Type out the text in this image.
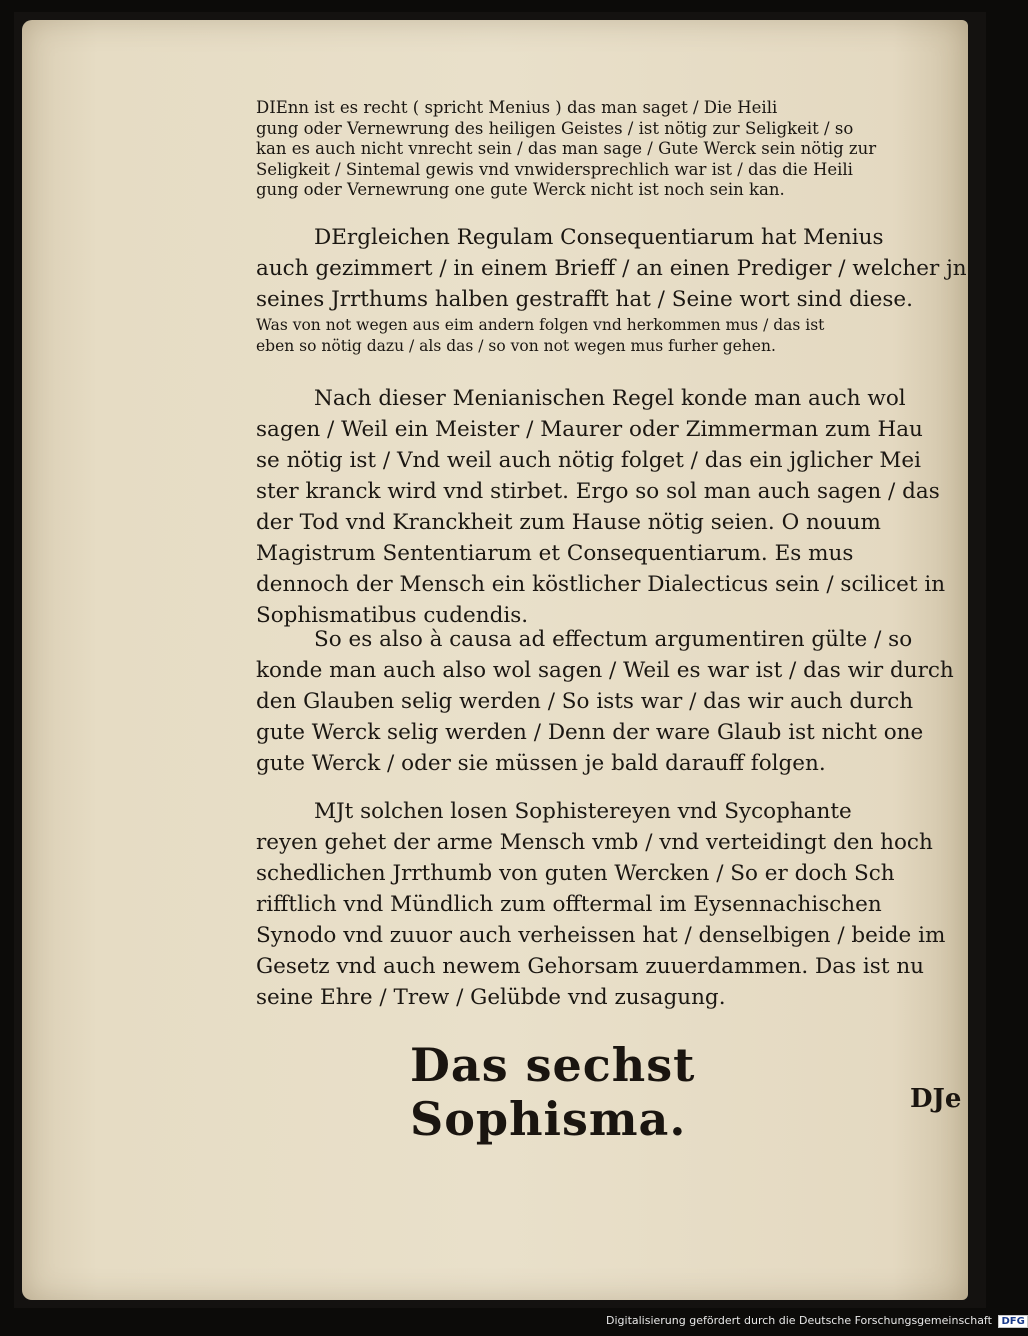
DIEnn ist es recht ( spricht Menius ) das man saget / Die Heili

gung oder Vernewrung des heiligen Geistes / ist nötig zur Seligkeit / so

kan es auch nicht vnrecht sein / das man sage / Gute Werck sein nötig zur

Seligkeit / Sintemal gewis vnd vnwidersprechlich war ist / das die Heili

gung oder Vernewrung one gute Werck nicht ist noch sein kan.

DErgleichen Regulam Consequentiarum hat Menius

auch gezimmert / in einem Brieff / an einen Prediger / welcher jn

seines Jrrthums halben gestrafft hat / Seine wort sind diese.

Was von not wegen aus eim andern folgen vnd herkommen mus / das ist

eben so nötig dazu / als das / so von not wegen mus furher gehen.

Nach dieser Menianischen Regel konde man auch wol

sagen / Weil ein Meister / Maurer oder Zimmerman zum Hau

se nötig ist / Vnd weil auch nötig folget / das ein jglicher Mei

ster kranck wird vnd stirbet. Ergo so sol man auch sagen / das

der Tod vnd Kranckheit zum Hause nötig seien. O nouum

Magistrum Sententiarum et Consequentiarum. Es mus

dennoch der Mensch ein köstlicher Dialecticus sein / scilicet in

Sophismatibus cudendis.

So es also à causa ad effectum argumentiren gülte / so

konde man auch also wol sagen / Weil es war ist / das wir durch

den Glauben selig werden / So ists war / das wir auch durch

gute Werck selig werden / Denn der ware Glaub ist nicht one

gute Werck / oder sie müssen je bald darauff folgen.

MJt solchen losen Sophistereyen vnd Sycophante

reyen gehet der arme Mensch vmb / vnd verteidingt den hoch

schedlichen Jrrthumb von guten Wercken / So er doch Sch

rifftlich vnd Mündlich zum offtermal im Eysennachischen

Synodo vnd zuuor auch verheissen hat / denselbigen / beide im

Gesetz vnd auch newem Gehorsam zuuerdammen. Das ist nu

seine Ehre / Trew / Gelübde vnd zusagung.

Das sechst Sophisma.	DJe
Digitalisierung gefördert durch die Deutsche Forschungsgemeinschaft DFG
